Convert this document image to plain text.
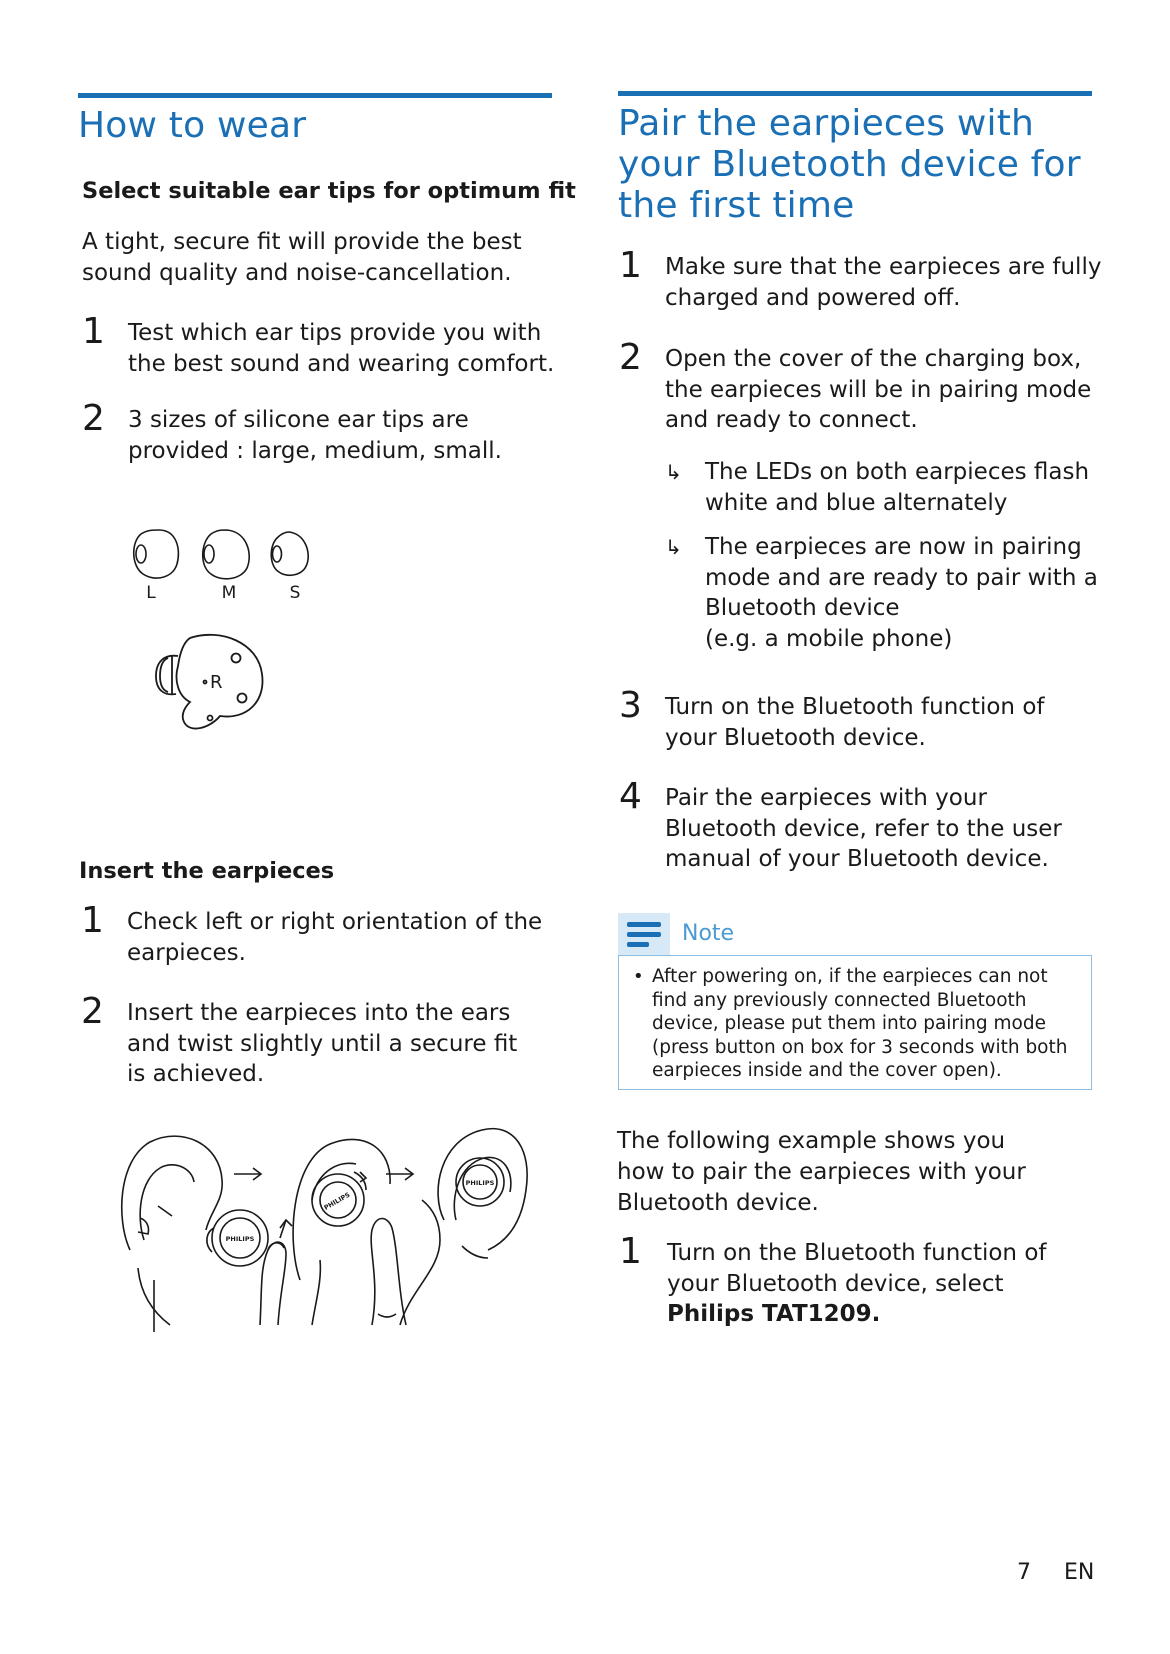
How to wear
Select suitable ear tips for optimum fit

A tight, secure fit will provide the best sound quality and noise-cancellation.

1 Test which ear tips provide you with the best sound and wearing comfort.
2 3 sizes of silicone ear tips are provided : large, medium, small.
L	M	S
R
Insert the earpieces
1 Check left or right orientation of the earpieces.
2 Insert the earpieces into the ears and twist slightly until a secure fit is achieved.
PHILIPS
PHILIPS
PHILIPS
Pair the earpieces with your Bluetooth device for the first time
1 Make sure that the earpieces are fully charged and powered off.
2 Open the cover of the charging box, the earpieces will be in pairing mode and ready to connect.
↳ The LEDs on both earpieces flash white and blue alternately
↳ The earpieces are now in pairing mode and are ready to pair with a Bluetooth device
(e.g. a mobile phone)
3 Turn on the Bluetooth function of your Bluetooth device.
4 Pair the earpieces with your Bluetooth device, refer to the user manual of your Bluetooth device.
Note
• After powering on, if the earpieces can not find any previously connected Bluetooth device, please put them into pairing mode (press button on box for 3 seconds with both earpieces inside and the cover open).

The following example shows you how to pair the earpieces with your Bluetooth device.

1 Turn on the Bluetooth function of your Bluetooth device, select Philips TAT1209.
7 EN
